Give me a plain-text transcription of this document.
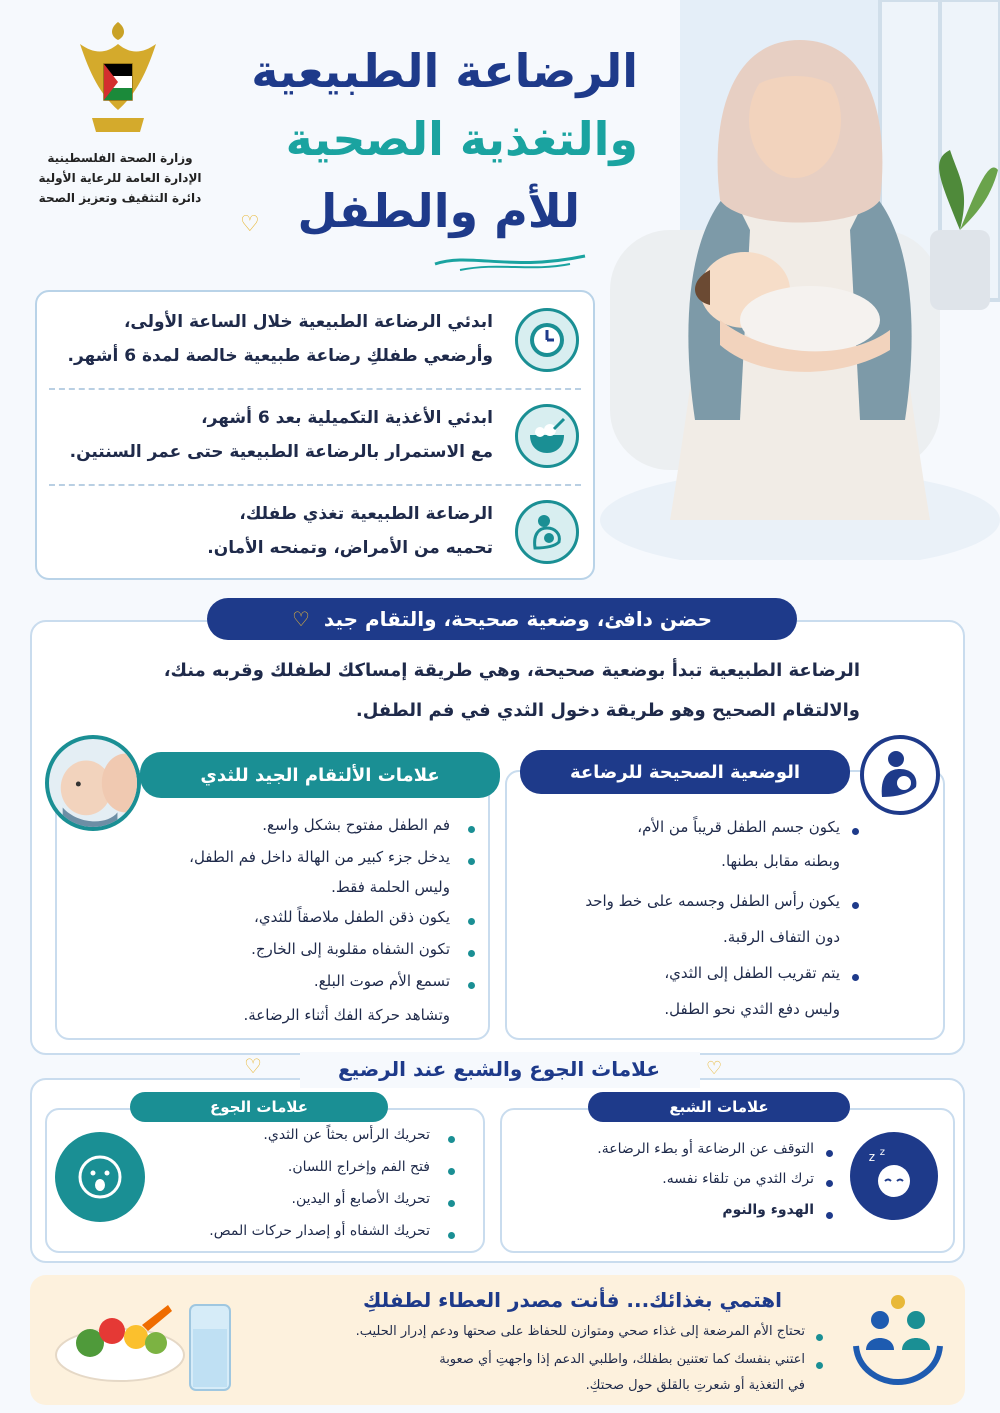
وزارة الصحة الفلسطينية
الإدارة العامة للرعاية الأولية
دائرة التثقيف وتعزيز الصحة
الرضاعة الطبيعية
والتغذية الصحية
للأم والطفل
♡
ابدئي الرضاعة الطبيعية خلال الساعة الأولى،
وأرضعي طفلكِ رضاعة طبيعية خالصة لمدة 6 أشهر.
ابدئي الأغذية التكميلية بعد 6 أشهر،
مع الاستمرار بالرضاعة الطبيعية حتى عمر السنتين.
الرضاعة الطبيعية تغذي طفلك،
تحميه من الأمراض، وتمنحه الأمان.
حضن دافئ، وضعية صحيحة، والتقام جيد
♡
الرضاعة الطبيعية تبدأ بوضعية صحيحة، وهي طريقة إمساكك لطفلك وقربه منك،
والالتقام الصحيح وهو طريقة دخول الثدي في فم الطفل.
الوضعية الصحيحة للرضاعة
يكون جسم الطفل قريباً من الأم،
وبطنه مقابل بطنها.
يكون رأس الطفل وجسمه على خط واحد
دون التفاف الرقبة.
يتم تقريب الطفل إلى الثدي،
وليس دفع الثدي نحو الطفل.
علامات الألتقام الجيد للثدي
فم الطفل مفتوح بشكل واسع.
يدخل جزء كبير من الهالة داخل فم الطفل،
وليس الحلمة فقط.
يكون ذقن الطفل ملاصقاً للثدي،
تكون الشفاه مقلوبة إلى الخارج.
تسمع الأم صوت البلع.
وتشاهد حركة الفك أثناء الرضاعة.
علاماث الجوع والشبع عند الرضيع
♡	♡
علامات الشبع
z z
التوقف عن الرضاعة أو بطء الرضاعة.
ترك الثدي من تلقاء نفسه.
الهدوء والنوم
علامات الجوع
تحريك الرأس بحثاً عن الثدي.
فتح الفم وإخراج اللسان.
تحريك الأصابع أو اليدين.
تحريك الشفاه أو إصدار حركات المص.
اهتمي بغذائك... فأنت مصدر العطاء لطفلكِ
تحتاج الأم المرضعة إلى غذاء صحي ومتوازن للحفاظ على صحتها ودعم إدرار الحليب.
اعتني بنفسك كما تعتنين بطفلك، واطلبي الدعم إذا واجهتِ أي صعوبة
في التغذية أو شعرتِ بالقلق حول صحتكِ.
